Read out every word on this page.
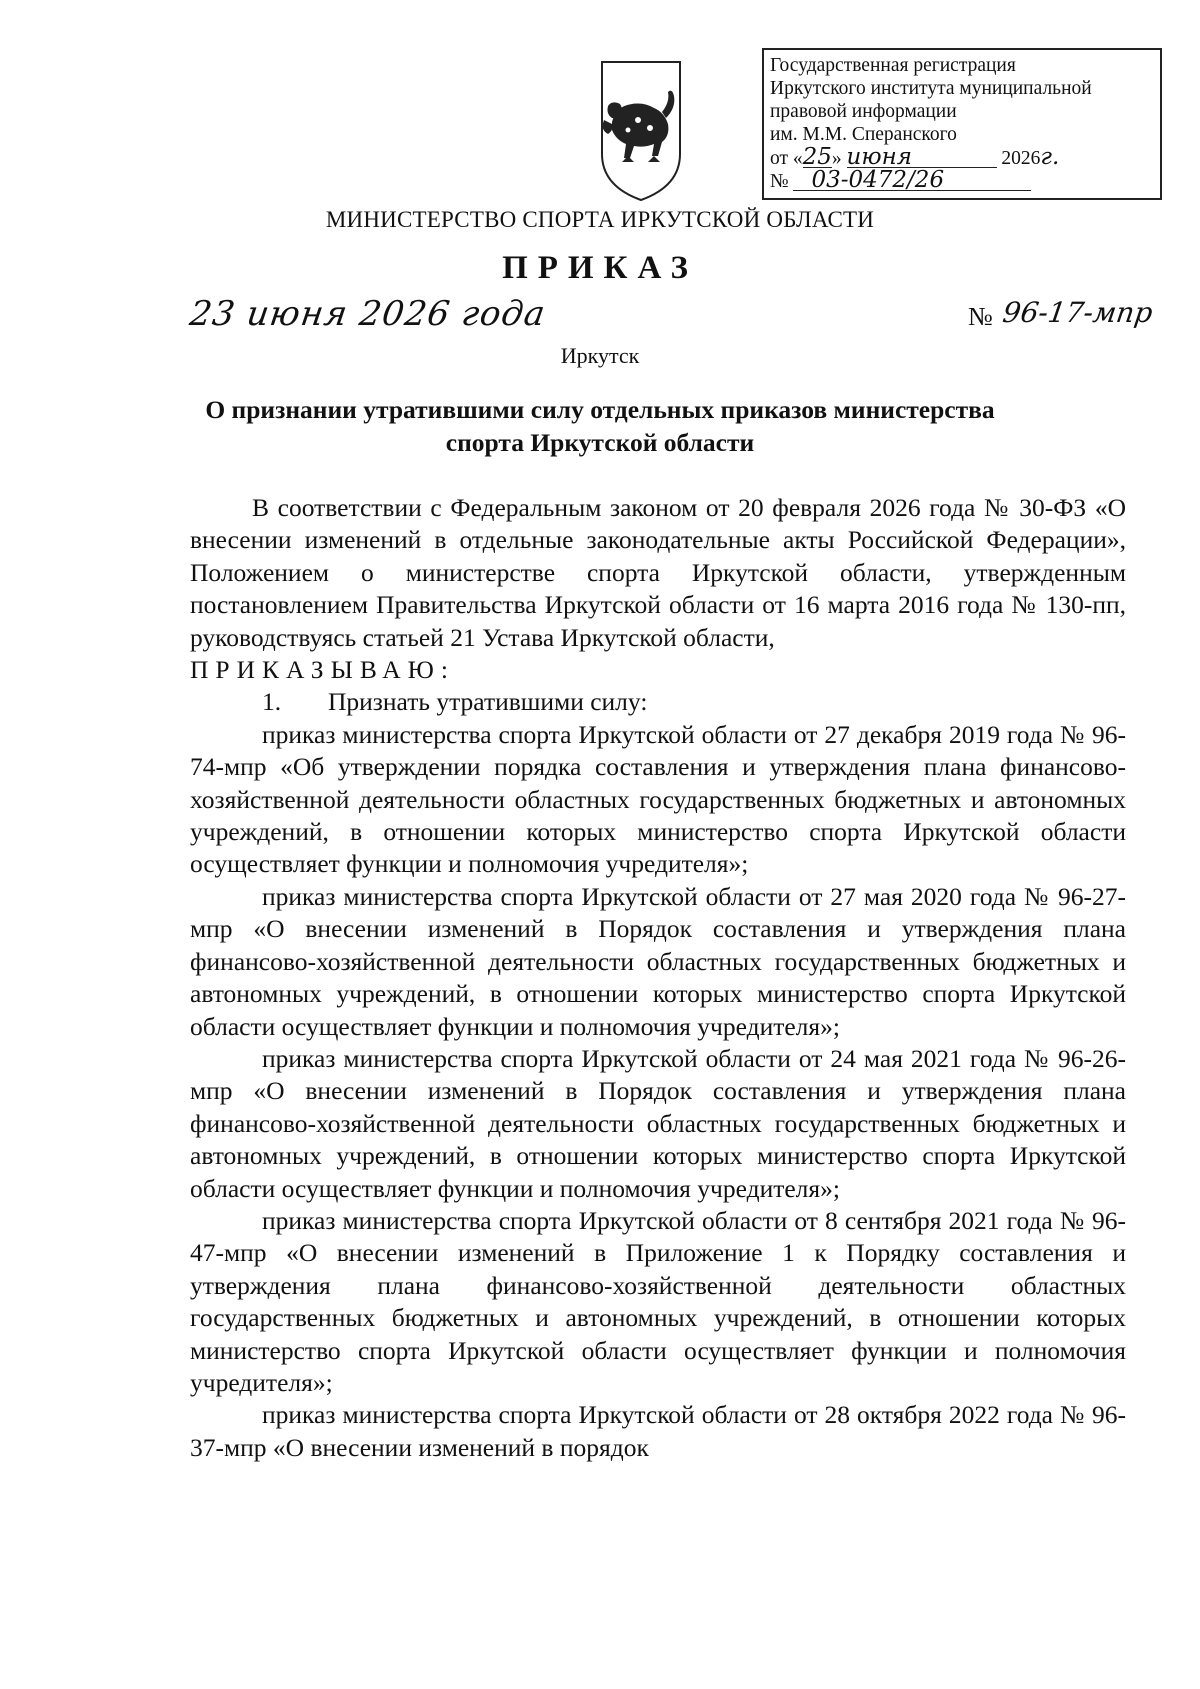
Государственная регистрация
Иркутского института муниципальной
правовой информации
им. М.М. Сперанского
от «25» июня	2026г.
№ 03-0472/26
МИНИСТЕРСТВО СПОРТА ИРКУТСКОЙ ОБЛАСТИ
ПРИКАЗ
23 июня 2026 года	№ 96-17-мпр
Иркутск
О признании утратившими силу отдельных приказов министерства
спорта Иркутской области

В соответствии с Федеральным законом от 20 февраля 2026 года № 30-ФЗ «О внесении изменений в отдельные законодательные акты Российской Федерации», Положением о министерстве спорта Иркутской области, утвержденным постановлением Правительства Иркутской области от 16 марта 2016 года № 130-пп, руководствуясь статьей 21 Устава Иркутской области,

ПРИКАЗЫВАЮ:

1. Признать утратившими силу:

приказ министерства спорта Иркутской области от 27 декабря 2019 года № 96-74-мпр «Об утверждении порядка составления и утверждения плана финансово-хозяйственной деятельности областных государственных бюджетных и автономных учреждений, в отношении которых министерство спорта Иркутской области осуществляет функции и полномочия учредителя»;

приказ министерства спорта Иркутской области от 27 мая 2020 года № 96-27-мпр «О внесении изменений в Порядок составления и утверждения плана финансово-хозяйственной деятельности областных государственных бюджетных и автономных учреждений, в отношении которых министерство спорта Иркутской области осуществляет функции и полномочия учредителя»;

приказ министерства спорта Иркутской области от 24 мая 2021 года № 96-26-мпр «О внесении изменений в Порядок составления и утверждения плана финансово-хозяйственной деятельности областных государственных бюджетных и автономных учреждений, в отношении которых министерство спорта Иркутской области осуществляет функции и полномочия учредителя»;

приказ министерства спорта Иркутской области от 8 сентября 2021 года № 96-47-мпр «О внесении изменений в Приложение 1 к Порядку составления и утверждения плана финансово-хозяйственной деятельности областных государственных бюджетных и автономных учреждений, в отношении которых министерство спорта Иркутской области осуществляет функции и полномочия учредителя»;

приказ министерства спорта Иркутской области от 28 октября 2022 года № 96-37-мпр «О внесении изменений в порядок
